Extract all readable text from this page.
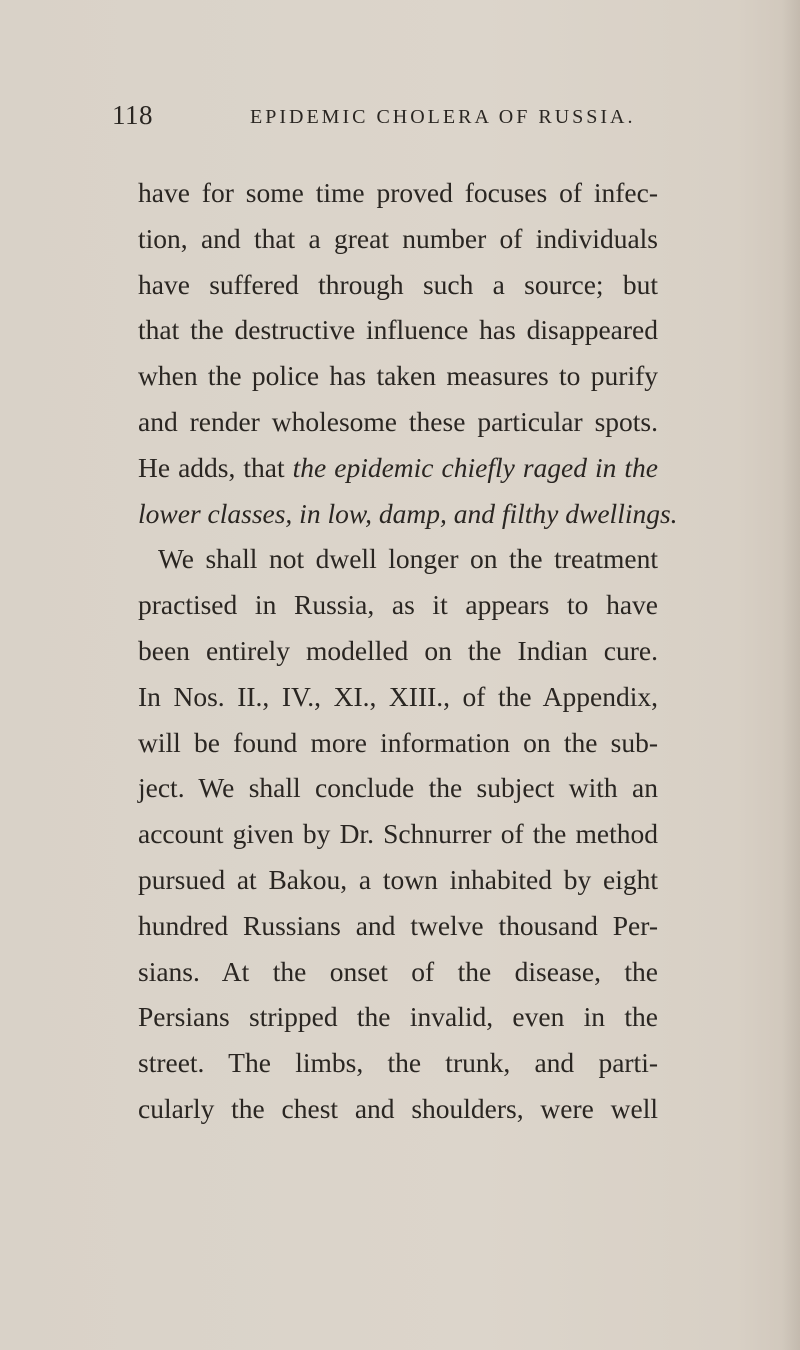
118	EPIDEMIC CHOLERA OF RUSSIA.
have for some time proved focuses of infec-
tion, and that a great number of individuals
have suffered through such a source; but
that the destructive influence has disappeared
when the police has taken measures to purify
and render wholesome these particular spots.
He adds, that the epidemic chiefly raged in the
lower classes, in low, damp, and filthy dwellings.
We shall not dwell longer on the treatment
practised in Russia, as it appears to have
been entirely modelled on the Indian cure.
In Nos. II., IV., XI., XIII., of the Appendix,
will be found more information on the sub-
ject. We shall conclude the subject with an
account given by Dr. Schnurrer of the method
pursued at Bakou, a town inhabited by eight
hundred Russians and twelve thousand Per-
sians. At the onset of the disease, the
Persians stripped the invalid, even in the
street. The limbs, the trunk, and parti-
cularly the chest and shoulders, were well
